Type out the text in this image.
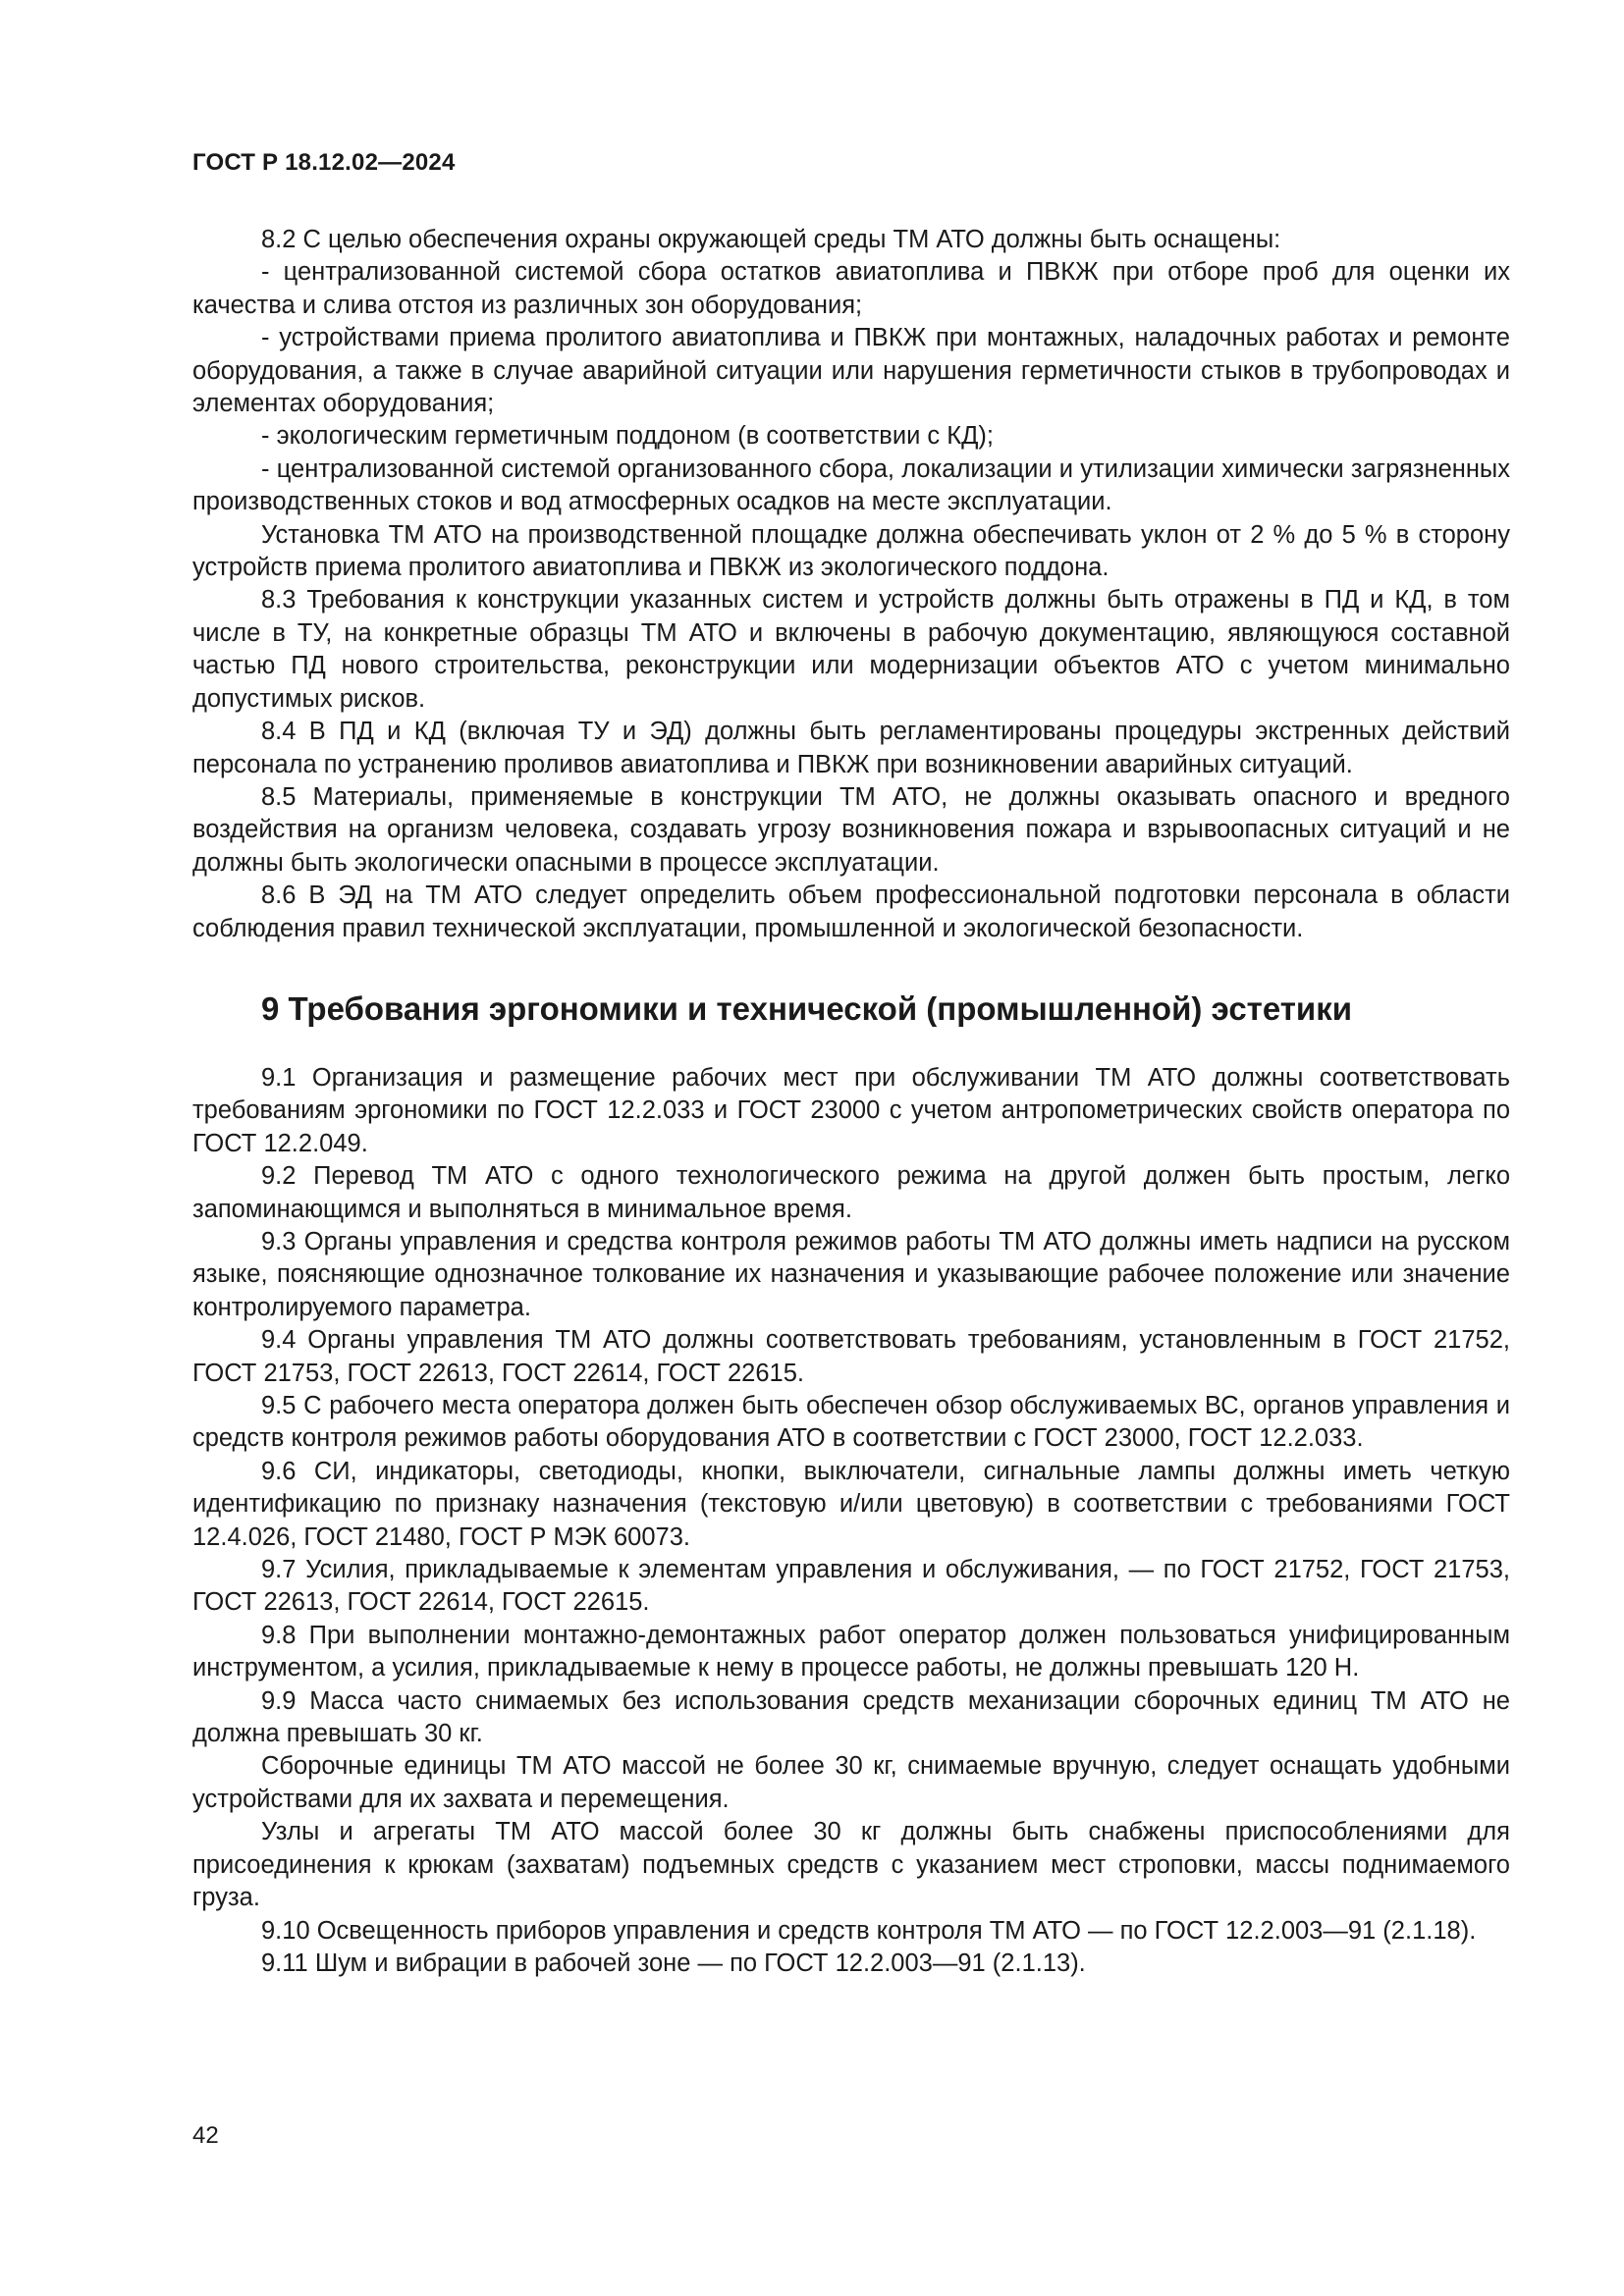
ГОСТ Р 18.12.02—2024

8.2 С целью обеспечения охраны окружающей среды ТМ АТО должны быть оснащены:

- централизованной системой сбора остатков авиатоплива и ПВКЖ при отборе проб для оценки их качества и слива отстоя из различных зон оборудования;

- устройствами приема пролитого авиатоплива и ПВКЖ при монтажных, наладочных работах и ремонте оборудования, а также в случае аварийной ситуации или нарушения герметичности стыков в трубопроводах и элементах оборудования;

- экологическим герметичным поддоном (в соответствии с КД);

- централизованной системой организованного сбора, локализации и утилизации химически загрязненных производственных стоков и вод атмосферных осадков на месте эксплуатации.

Установка ТМ АТО на производственной площадке должна обеспечивать уклон от 2 % до 5 % в сторону устройств приема пролитого авиатоплива и ПВКЖ из экологического поддона.

8.3 Требования к конструкции указанных систем и устройств должны быть отражены в ПД и КД, в том числе в ТУ, на конкретные образцы ТМ АТО и включены в рабочую документацию, являющуюся составной частью ПД нового строительства, реконструкции или модернизации объектов АТО с учетом минимально допустимых рисков.

8.4 В ПД и КД (включая ТУ и ЭД) должны быть регламентированы процедуры экстренных действий персонала по устранению проливов авиатоплива и ПВКЖ при возникновении аварийных ситуаций.

8.5 Материалы, применяемые в конструкции ТМ АТО, не должны оказывать опасного и вредного воздействия на организм человека, создавать угрозу возникновения пожара и взрывоопасных ситуаций и не должны быть экологически опасными в процессе эксплуатации.

8.6 В ЭД на ТМ АТО следует определить объем профессиональной подготовки персонала в области соблюдения правил технической эксплуатации, промышленной и экологической безопасности.

9 Требования эргономики и технической (промышленной) эстетики

9.1 Организация и размещение рабочих мест при обслуживании ТМ АТО должны соответствовать требованиям эргономики по ГОСТ 12.2.033 и ГОСТ 23000 с учетом антропометрических свойств оператора по ГОСТ 12.2.049.

9.2 Перевод ТМ АТО с одного технологического режима на другой должен быть простым, легко запоминающимся и выполняться в минимальное время.

9.3 Органы управления и средства контроля режимов работы ТМ АТО должны иметь надписи на русском языке, поясняющие однозначное толкование их назначения и указывающие рабочее положение или значение контролируемого параметра.

9.4 Органы управления ТМ АТО должны соответствовать требованиям, установленным в ГОСТ 21752, ГОСТ 21753, ГОСТ 22613, ГОСТ 22614, ГОСТ 22615.

9.5 С рабочего места оператора должен быть обеспечен обзор обслуживаемых ВС, органов управления и средств контроля режимов работы оборудования АТО в соответствии с ГОСТ 23000, ГОСТ 12.2.033.

9.6 СИ, индикаторы, светодиоды, кнопки, выключатели, сигнальные лампы должны иметь четкую идентификацию по признаку назначения (текстовую и/или цветовую) в соответствии с требованиями ГОСТ 12.4.026, ГОСТ 21480, ГОСТ Р МЭК 60073.

9.7 Усилия, прикладываемые к элементам управления и обслуживания, — по ГОСТ 21752, ГОСТ 21753, ГОСТ 22613, ГОСТ 22614, ГОСТ 22615.

9.8 При выполнении монтажно-демонтажных работ оператор должен пользоваться унифицированным инструментом, а усилия, прикладываемые к нему в процессе работы, не должны превышать 120 Н.

9.9 Масса часто снимаемых без использования средств механизации сборочных единиц ТМ АТО не должна превышать 30 кг.

Сборочные единицы ТМ АТО массой не более 30 кг, снимаемые вручную, следует оснащать удобными устройствами для их захвата и перемещения.

Узлы и агрегаты ТМ АТО массой более 30 кг должны быть снабжены приспособлениями для присоединения к крюкам (захватам) подъемных средств с указанием мест строповки, массы поднимаемого груза.

9.10 Освещенность приборов управления и средств контроля ТМ АТО — по ГОСТ 12.2.003—91 (2.1.18).

9.11 Шум и вибрации в рабочей зоне — по ГОСТ 12.2.003—91 (2.1.13).

42
